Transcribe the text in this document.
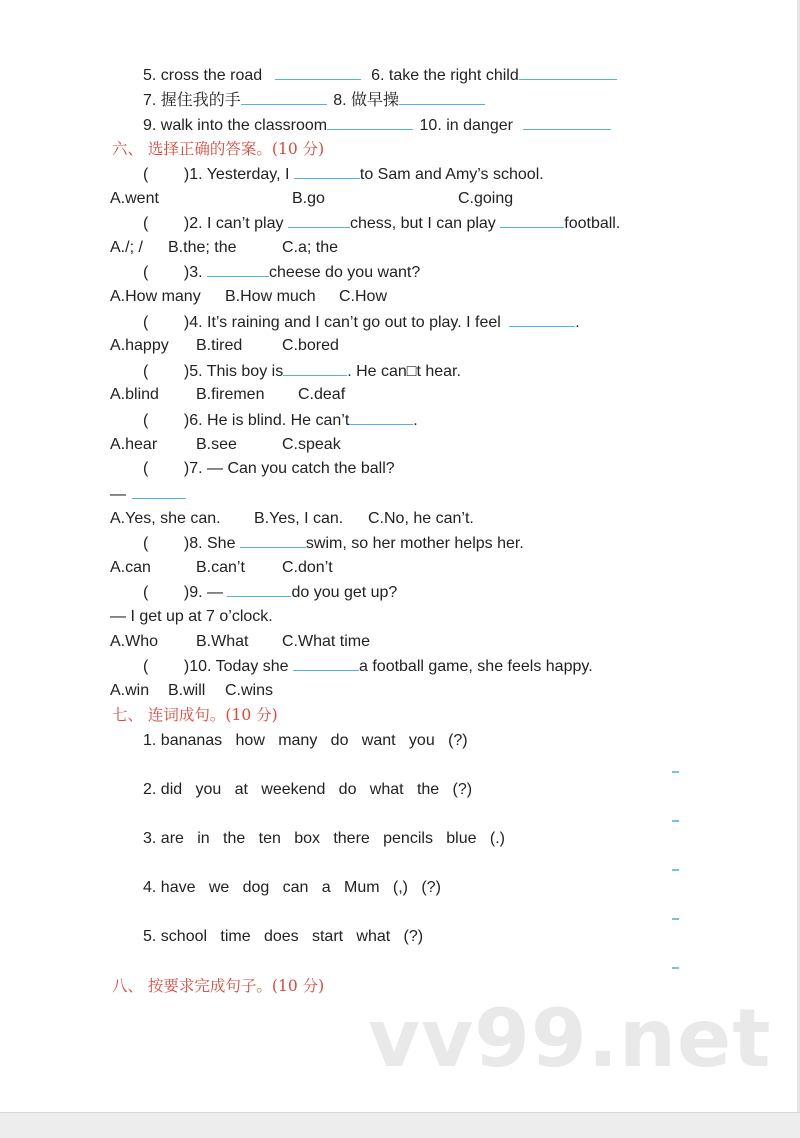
5. cross the road	6. take the right child
7. 握住我的手	8. 做早操
9. walk into the classroom	10. in danger
六、 选择正确的答案。(10 分)
(        )1. Yesterday, I	to Sam and Amy’s school.
A.went	B.go	C.going
(        )2. I can’t play	chess, but I can play	football.
A./; / B.the; the	C.a; the
(        )3.	cheese do you want?
A.How many B.How much C.How
(        )4. It’s raining and I can’t go out to play. I feel	.
A.happy B.tired C.bored
(        )5. This boy is	. He can□t hear.
A.blind B.firemen C.deaf
(        )6. He is blind. He can’t	.
A.hear B.see	C.speak
(        )7. — Can you catch the ball?
—
A.Yes, she can. B.Yes, I can. C.No, he can’t.
(        )8. She	swim, so her mother helps her.
A.can	B.can’t C.don’t
(        )9. —	do you get up?
— I get up at 7 o’clock.
A.Who B.What C.What time
(        )10. Today she	a football game, she feels happy.
A.win B.will C.wins
七、 连词成句。(10 分)
1. bananas   how   many   do   want   you   (?)
2. did   you   at   weekend   do   what   the   (?)
3. are   in   the   ten   box   there   pencils   blue   (.)
4. have   we   dog   can   a   Mum   (,)   (?)
5. school   time   does   start   what   (?)
八、 按要求完成句子。(10 分)
vv99.net
